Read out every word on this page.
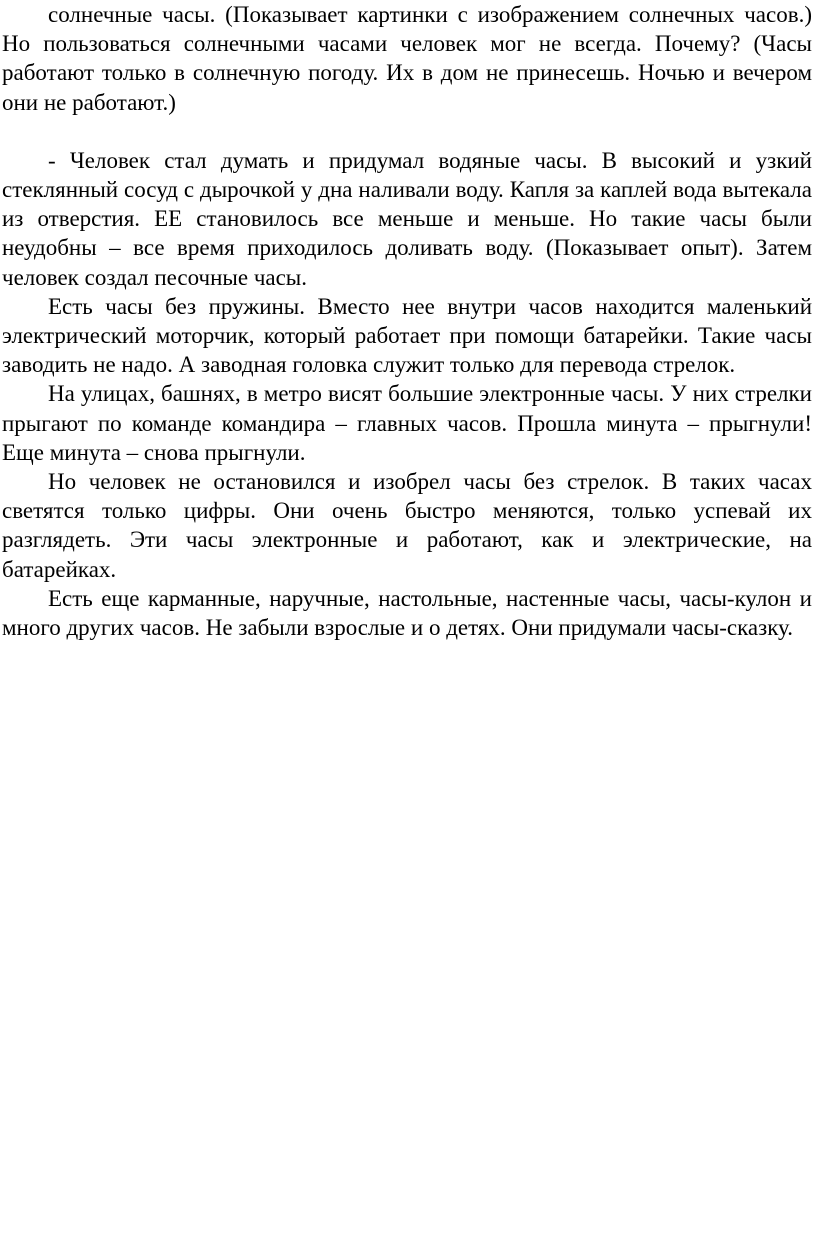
солнечные часы. (Показывает картинки с изображением солнечных часов.) Но пользоваться солнечными часами человек мог не всегда. Почему? (Часы работают только в солнечную погоду. Их в дом не принесешь. Ночью и вечером они не работают.)

- Человек стал думать и придумал водяные часы. В высокий и узкий стеклянный сосуд с дырочкой у дна наливали воду. Капля за каплей вода вытекала из отверстия. ЕЕ становилось все меньше и меньше. Но такие часы были неудобны – все время приходилось доливать воду. (Показывает опыт). Затем человек создал песочные часы.

Есть часы без пружины. Вместо нее внутри часов находится маленький электрический моторчик, который работает при помощи батарейки. Такие часы заводить не надо. А заводная головка служит только для перевода стрелок.

На улицах, башнях, в метро висят большие электронные часы. У них стрелки прыгают по команде командира – главных часов. Прошла минута – прыгнули! Еще минута – снова прыгнули.

Но человек не остановился и изобрел часы без стрелок. В таких часах светятся только цифры. Они очень быстро меняются, только успевай их разглядеть. Эти часы электронные и работают, как и электрические, на батарейках.

Есть еще карманные, наручные, настольные, настенные часы, часы-кулон и много других часов. Не забыли взрослые и о детях. Они придумали часы-сказку.
